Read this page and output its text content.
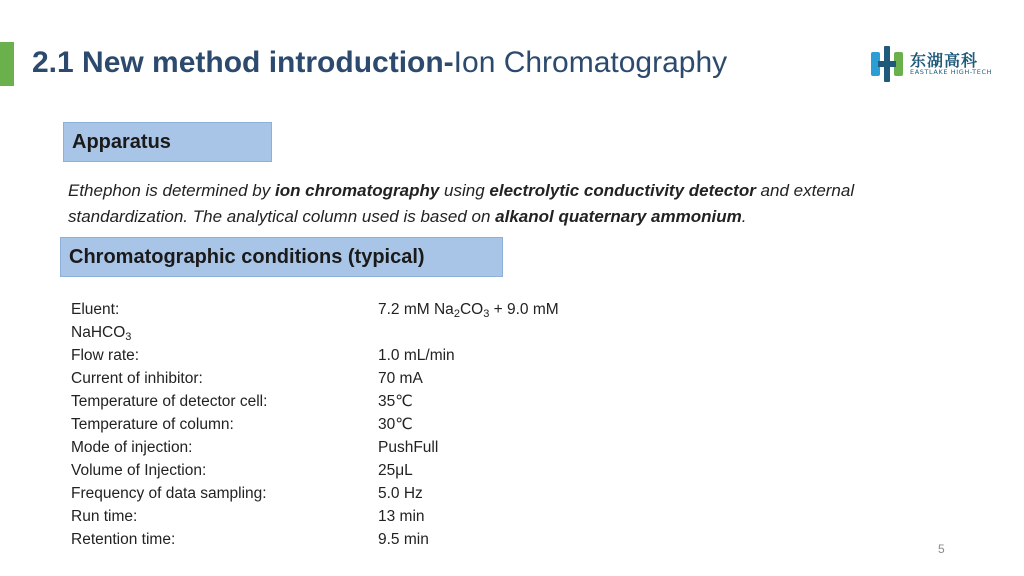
2.1 New method introduction-Ion Chromatography	东湖高科
EASTLAKE HIGH-TECH
Apparatus
Ethephon is determined by ion chromatography using electrolytic conductivity detector and external standardization. The analytical column used is based on alkanol quaternary ammonium.
Chromatographic conditions (typical)
Eluent:	7.2 mM $Na_2CO_3 + 9.0$ mM
NaHCO$_3$
Flow rate:	1.0 mL/min
Current of inhibitor:	70 mA
Temperature of detector cell:	35℃
Temperature of column:	30℃
Mode of injection:	PushFull
Volume of Injection:	25μL
Frequency of data sampling:	5.0 Hz
Run time:	13 min
Retention time:	9.5 min
5
